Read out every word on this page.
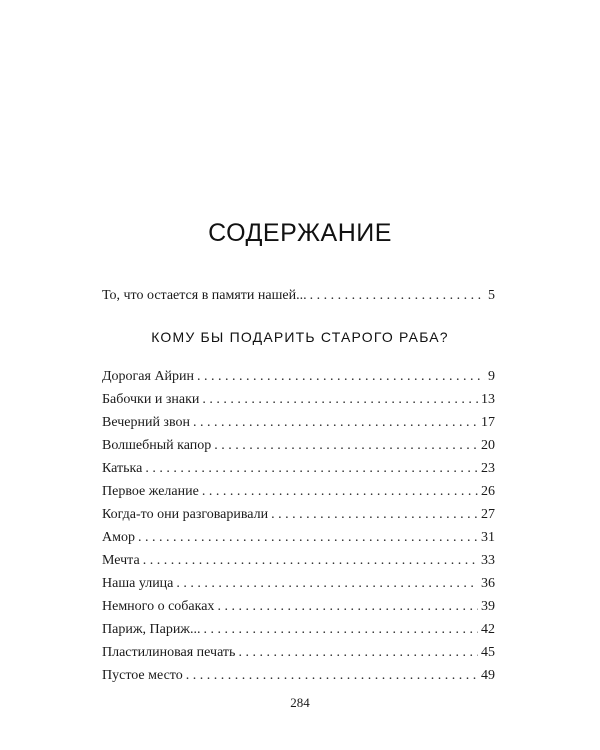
СОДЕРЖАНИЕ
То, что остается в памяти нашей... . . .	5
КОМУ БЫ ПОДАРИТЬ СТАРОГО РАБА?
Дорогая Айрин . . .	9
Бабочки и знаки . . .	13
Вечерний звон . . .	17
Волшебный капор . . .	20
Катька . . .	23
Первое желание . . .	26
Когда-то они разговаривали . . .	27
Амор . . .	31
Мечта . . .	33
Наша улица . . .	36
Немного о собаках . . .	39
Париж, Париж... . . .	42
Пластилиновая печать . . .	45
Пустое место . . .	49
284
